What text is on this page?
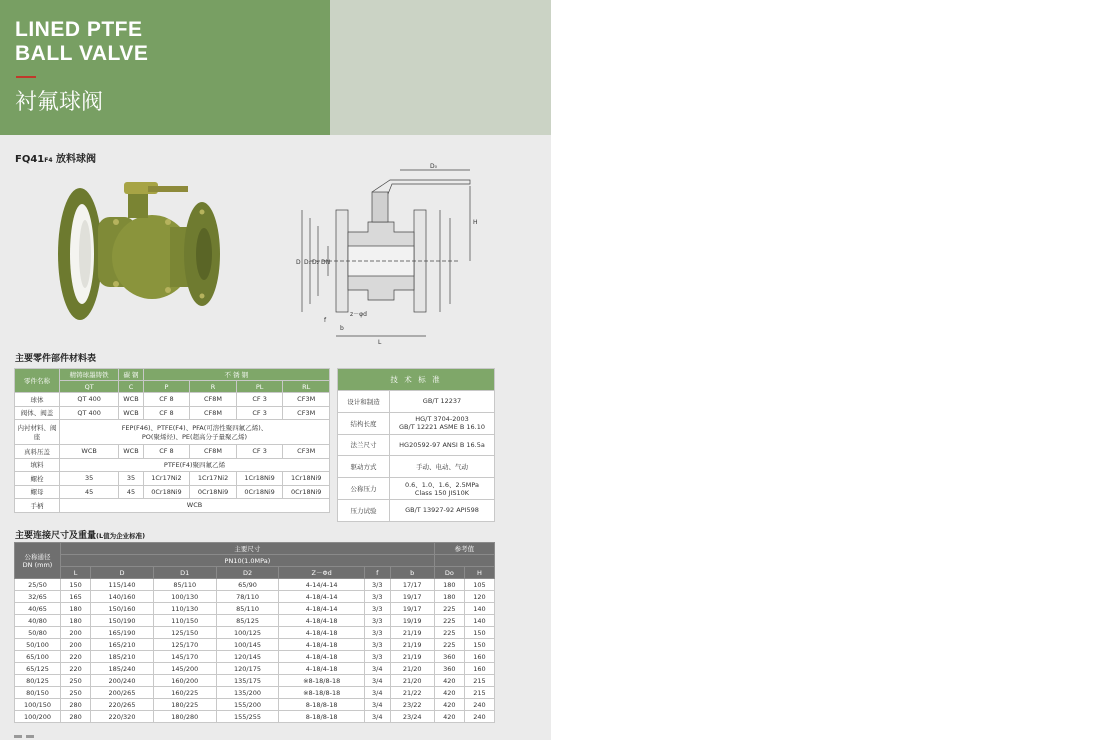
LINED PTFE
BALL VALVE
衬氟球阀
FQ41F4 放料球阀
D₀
H
D D₁ D₂ DN
f
b
z－φd
L
主要零件部件材料表
零件名称	精铸球墨铸铁	碳 钢	不 锈 钢			
	QT	C	P	R	PL	RL
球体	QT 400	WCB	CF 8	CF8M	CF 3	CF3M
阀体、阀盖	QT 400	WCB	CF 8	CF8M	CF 3	CF3M
内衬材料、阀座	FEP(F46)、PTFE(F4)、PFA(可溶性聚四氟乙烯)、
PO(聚烯烃)、PE(超高分子量聚乙烯)					

真料压盖	WCB	WCB	CF 8	CF8M	CF 3	CF3M
填料	PTFE(F4)聚四氟乙烯					
螺栓	35	35	1Cr17Ni2	1Cr17Ni2	1Cr18Ni9	1Cr18Ni9
螺母	45	45	0Cr18Ni9	0Cr18Ni9	0Cr18Ni9	0Cr18Ni9
手柄	WCB					
技 术 标 准	
设计和制造	GB/T 12237

结构长度	HG/T 3704-2003
GB/T 12221 ASME B 16.10

法兰尺寸	HG20592-97 ANSI B 16.5a

驱动方式	手动、电动、气动

公称压力	0.6、1.0、1.6、2.5MPa
Class 150 JIS10K

压力试验	GB/T 13927-92 API598
主要连接尺寸及重量(L值为企业标准)
公称通径
DN (mm)	主要尺寸							参考值	
	PN10(1.0MPa)								
	L	D	D1	D2	Z－Φd	f	b	Do	H
25/50	150	115/140	85/110	65/90	4-14/4-14	3/3	17/17	180	105
32/65	165	140/160	100/130	78/110	4-18/4-14	3/3	19/17	180	120
40/65	180	150/160	110/130	85/110	4-18/4-14	3/3	19/17	225	140
40/80	180	150/190	110/150	85/125	4-18/4-18	3/3	19/19	225	140
50/80	200	165/190	125/150	100/125	4-18/4-18	3/3	21/19	225	150
50/100	200	165/210	125/170	100/145	4-18/4-18	3/3	21/19	225	150
65/100	220	185/210	145/170	120/145	4-18/4-18	3/3	21/19	360	160
65/125	220	185/240	145/200	120/175	4-18/4-18	3/4	21/20	360	160
80/125	250	200/240	160/200	135/175	※8-18/8-18	3/4	21/20	420	215
80/150	250	200/265	160/225	135/200	※8-18/8-18	3/4	21/22	420	215
100/150	280	220/265	180/225	155/200	8-18/8-18	3/4	23/22	420	240
100/200	280	220/320	180/280	155/255	8-18/8-18	3/4	23/24	420	240
